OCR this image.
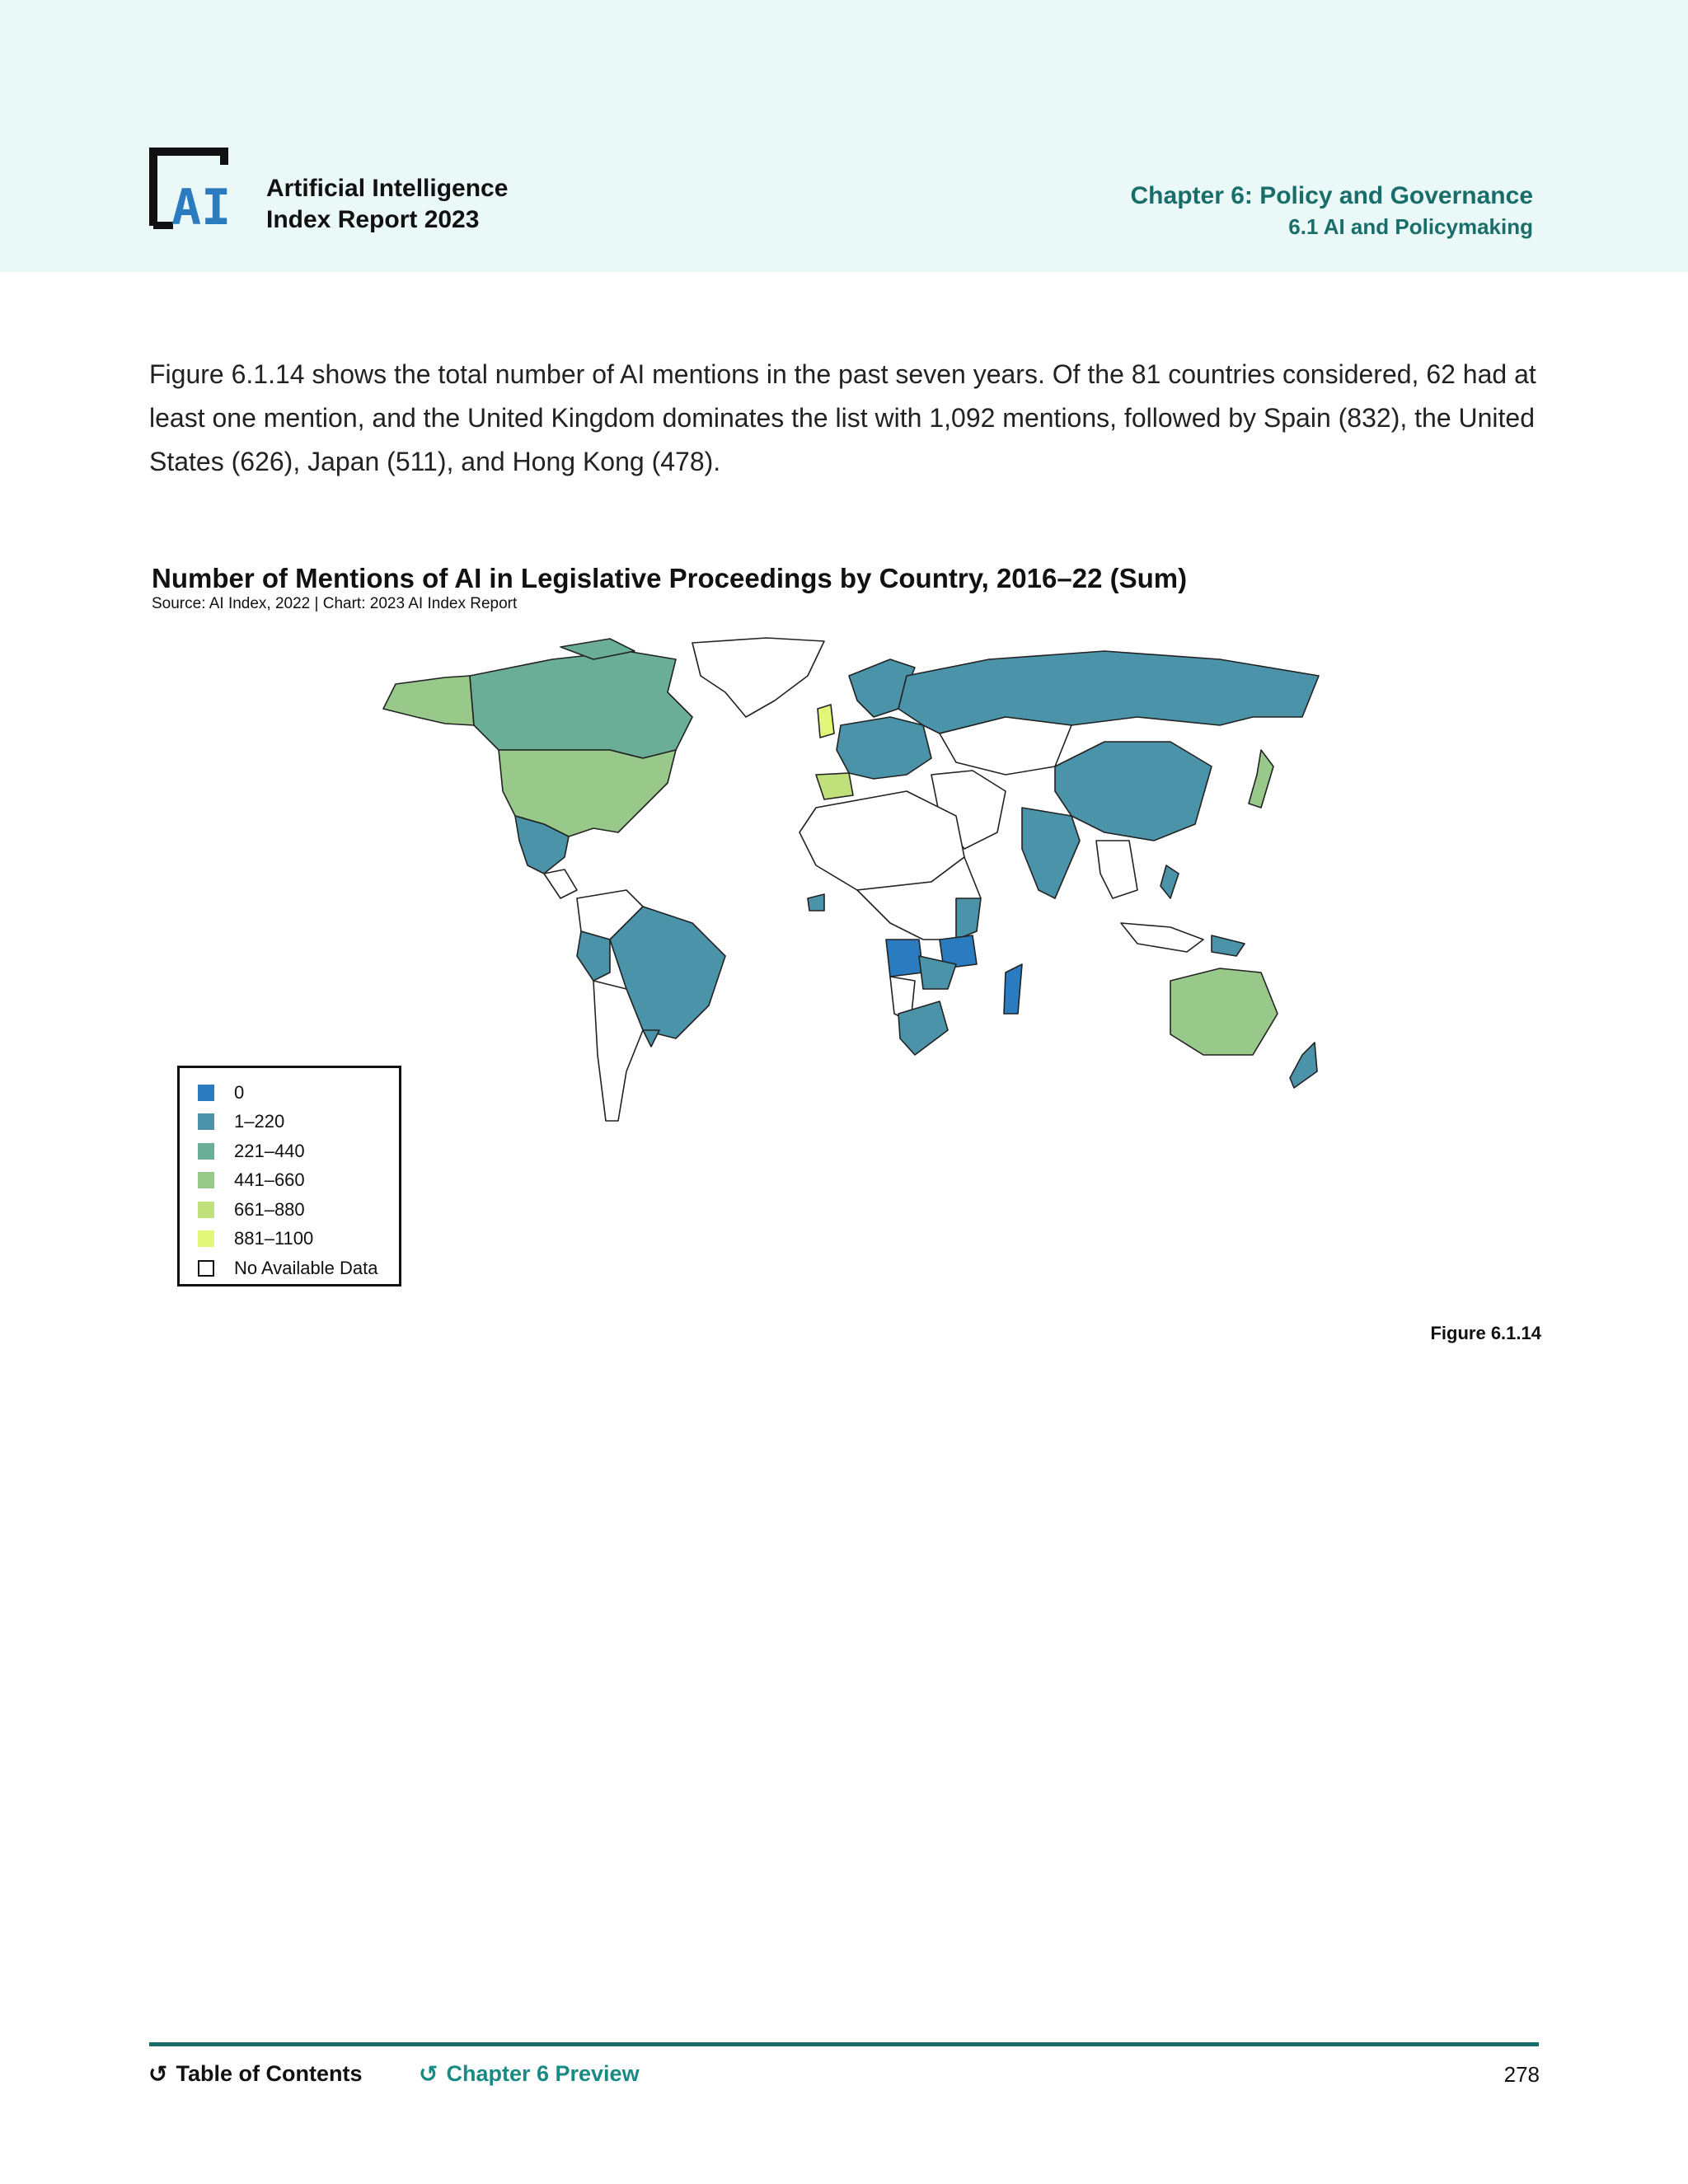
AI Artificial Intelligence
Index Report 2023
Chapter 6: Policy and Governance
6.1 AI and Policymaking
Figure 6.1.14 shows the total number of AI mentions in the past seven years. Of the 81 countries considered, 62 had at least one mention, and the United Kingdom dominates the list with 1,092 mentions, followed by Spain (832), the United States (626), Japan (511), and Hong Kong (478).
Number of Mentions of AI in Legislative Proceedings by Country, 2016–22 (Sum)
Source: AI Index, 2022 | Chart: 2023 AI Index Report
0
1–220
221–440
441–660
661–880
881–1100
No Available Data
Figure 6.1.14
↺ Table of Contents ↺ Chapter 6 Preview	278
